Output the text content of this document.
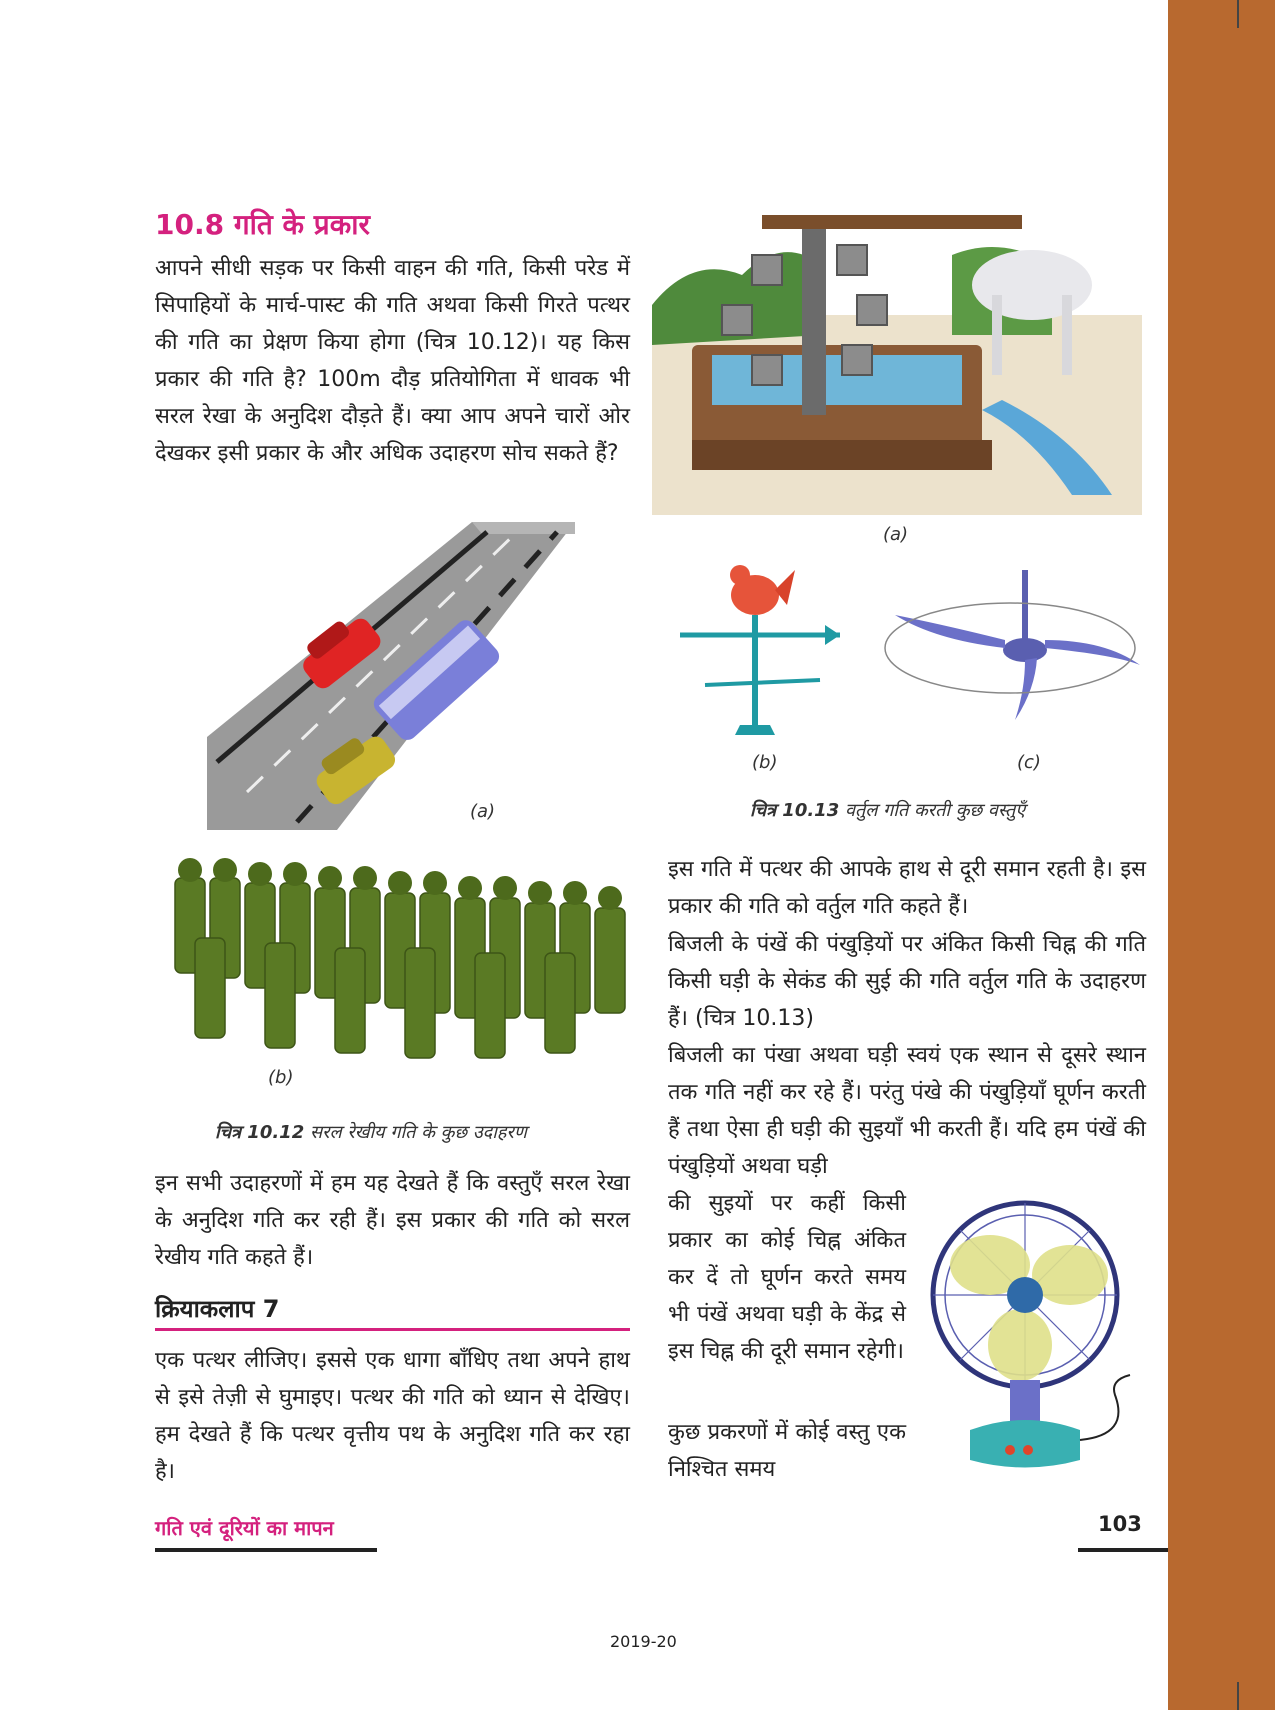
10.8 गति के प्रकार
आपने सीधी सड़क पर किसी वाहन की गति, किसी परेड में सिपाहियों के मार्च-पास्ट की गति अथवा किसी गिरते पत्थर की गति का प्रेक्षण किया होगा (चित्र 10.12)। यह किस प्रकार की गति है? 100m दौड़ प्रतियोगिता में धावक भी सरल रेखा के अनुदिश दौड़ते हैं। क्या आप अपने चारों ओर देखकर इसी प्रकार के और अधिक उदाहरण सोच सकते हैं?
(a)
(a)
(b)	(c)
चित्र 10.13 वर्तुल गति करती कुछ वस्तुएँ
(b)
चित्र 10.12 सरल रेखीय गति के कुछ उदाहरण
इन सभी उदाहरणों में हम यह देखते हैं कि वस्तुएँ सरल रेखा के अनुदिश गति कर रही हैं। इस प्रकार की गति को सरल रेखीय गति कहते हैं।
क्रियाकलाप 7
एक पत्थर लीजिए। इससे एक धागा बाँधिए तथा अपने हाथ से इसे तेज़ी से घुमाइए। पत्थर की गति को ध्यान से देखिए। हम देखते हैं कि पत्थर वृत्तीय पथ के अनुदिश गति कर रहा है।
इस गति में पत्थर की आपके हाथ से दूरी समान रहती है। इस प्रकार की गति को वर्तुल गति कहते हैं।
बिजली के पंखें की पंखुड़ियों पर अंकित किसी चिह्न की गति किसी घड़ी के सेकंड की सुई की गति वर्तुल गति के उदाहरण हैं। (चित्र 10.13)
बिजली का पंखा अथवा घड़ी स्वयं एक स्थान से दूसरे स्थान तक गति नहीं कर रहे हैं। परंतु पंखे की पंखुड़ियाँ घूर्णन करती हैं तथा ऐसा ही घड़ी की सुइयाँ भी करती हैं। यदि हम पंखें की पंखुड़ियों अथवा घड़ी
की सुइयों पर कहीं किसी प्रकार का कोई चिह्न अंकित कर दें तो घूर्णन करते समय भी पंखें अथवा घड़ी के केंद्र से इस चिह्न की दूरी समान रहेगी।
कुछ प्रकरणों में कोई वस्तु एक निश्चित समय
गति एवं दूरियों का मापन	103
2019-20
